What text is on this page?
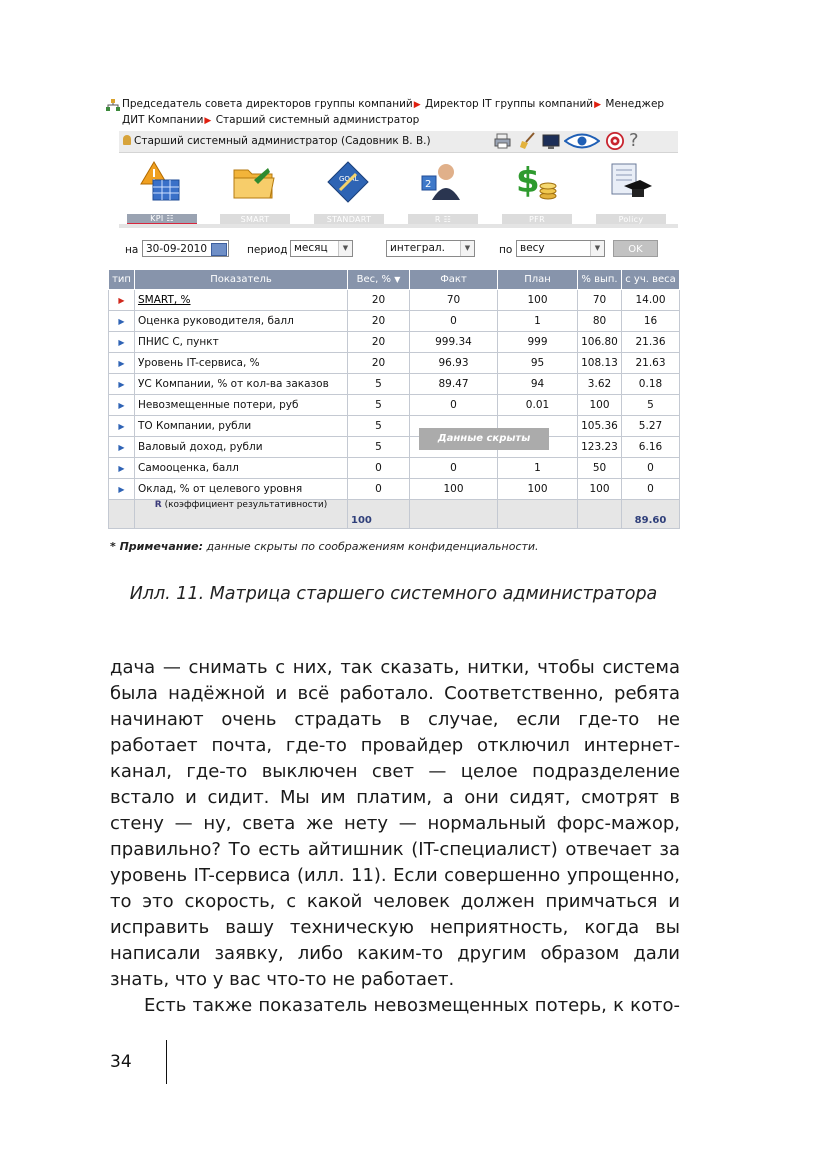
Председатель совета директоров группы компаний▶ Директор IT группы компаний▶ Менеджер ДИТ Компании▶ Старший системный администратор
Старший системный администратор (Садовник В. В.)	?
KPI ☷	SMART
GOAL
STANDART
2
R ☷
$
PFR	Policy
на 30-09-2010	период месяц	▼	интеграл.	▼	по весу	▼	OK
тип	Показатель	Вес, % ▼	Факт	План	% вып.	с уч. веса
▶	SMART, %	20	70	100	70	14.00
▶	Оценка руководителя, балл	20	0	1	80	16
▶	ПНИС С, пункт	20	999.34	999	106.80	21.36
▶	Уровень IT-сервиса, %	20	96.93	95	108.13	21.63
▶	УС Компании, % от кол-ва заказов	5	89.47	94	3.62	0.18
▶	Невозмещенные потери, руб	5	0	0.01	100	5
▶	ТО Компании, рубли	5			105.36	5.27
▶	Валовый доход, рубли	5			123.23	6.16
▶	Самооценка, балл	0	0	1	50	0
▶	Оклад, % от целевого уровня	0	100	100	100	0
	R (коэффициент результативности)	100				89.60
Данные скрыты
* Примечание: данные скрыты по соображениям конфиденциальности.
Илл. 11. Матрица старшего системного администратора

дача — снимать с них, так сказать, нитки, чтобы система была надёжной и всё работало. Соответственно, ребята начинают очень страдать в случае, если где-то не работает почта, где-то провайдер отключил интернет-канал, где-то выключен свет — целое подразделение встало и сидит. Мы им платим, а они сидят, смотрят в стену — ну, света же нету — нормальный форс-мажор, правильно? То есть айтишник (IT-специалист) отвечает за уровень IT-сервиса (илл. 11). Если совершенно упрощенно, то это скорость, с какой человек должен примчаться и исправить вашу техническую неприятность, когда вы написали заявку, либо каким-то другим образом дали знать, что у вас что-то не работает.

Есть также показатель невозмещенных потерь, к кото-

34
